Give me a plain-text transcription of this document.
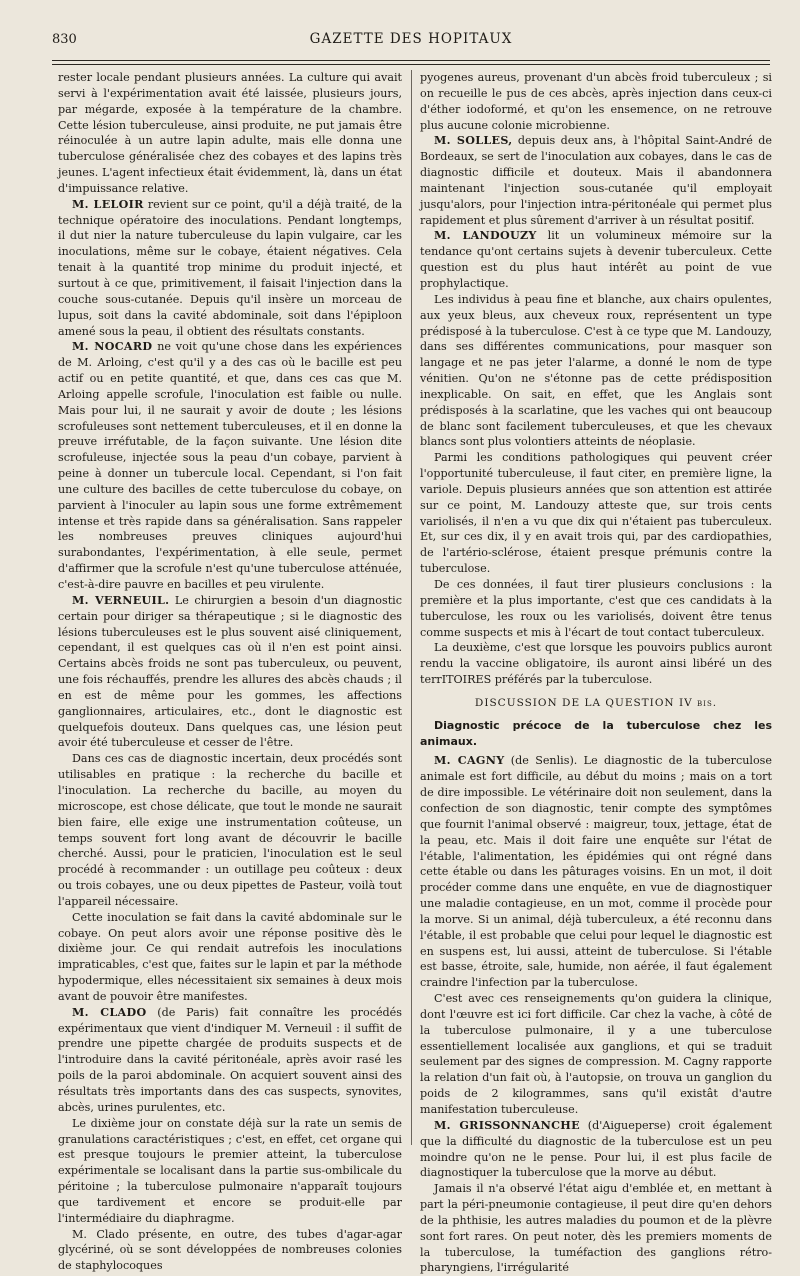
830	GAZETTE DES HOPITAUX

rester locale pendant plusieurs années. La culture qui avait servi à l'expérimentation avait été laissée, plusieurs jours, par mégarde, exposée à la température de la chambre. Cette lésion tuberculeuse, ainsi produite, ne put jamais être réinoculée à un autre lapin adulte, mais elle donna une tuberculose généralisée chez des cobayes et des lapins très jeunes. L'agent infectieux était évidemment, là, dans un état d'impuissance relative.

M. LELOIR revient sur ce point, qu'il a déjà traité, de la technique opératoire des inoculations. Pendant longtemps, il dut nier la nature tuberculeuse du lapin vulgaire, car les inoculations, même sur le cobaye, étaient négatives. Cela tenait à la quantité trop minime du produit injecté, et surtout à ce que, primitivement, il faisait l'injection dans la couche sous-cutanée. Depuis qu'il insère un morceau de lupus, soit dans la cavité abdominale, soit dans l'épiploon amené sous la peau, il obtient des résultats constants.

M. NOCARD ne voit qu'une chose dans les expériences de M. Arloing, c'est qu'il y a des cas où le bacille est peu actif ou en petite quantité, et que, dans ces cas que M. Arloing appelle scrofule, l'inoculation est faible ou nulle. Mais pour lui, il ne saurait y avoir de doute ; les lésions scrofuleuses sont nettement tuberculeuses, et il en donne la preuve irréfutable, de la façon suivante. Une lésion dite scrofuleuse, injectée sous la peau d'un cobaye, parvient à peine à donner un tubercule local. Cependant, si l'on fait une culture des bacilles de cette tuberculose du cobaye, on parvient à l'inoculer au lapin sous une forme extrêmement intense et très rapide dans sa généralisation. Sans rappeler les nombreuses preuves cliniques aujourd'hui surabondantes, l'expérimentation, à elle seule, permet d'affirmer que la scrofule n'est qu'une tuberculose atténuée, c'est-à-dire pauvre en bacilles et peu virulente.

M. VERNEUIL. Le chirurgien a besoin d'un diagnostic certain pour diriger sa thérapeutique ; si le diagnostic des lésions tuberculeuses est le plus souvent aisé cliniquement, cependant, il est quelques cas où il n'en est point ainsi. Certains abcès froids ne sont pas tuberculeux, ou peuvent, une fois réchauffés, prendre les allures des abcès chauds ; il en est de même pour les gommes, les affections ganglionnaires, articulaires, etc., dont le diagnostic est quelquefois douteux. Dans quelques cas, une lésion peut avoir été tuberculeuse et cesser de l'être.

Dans ces cas de diagnostic incertain, deux procédés sont utilisables en pratique : la recherche du bacille et l'inoculation. La recherche du bacille, au moyen du microscope, est chose délicate, que tout le monde ne saurait bien faire, elle exige une instrumentation coûteuse, un temps souvent fort long avant de découvrir le bacille cherché. Aussi, pour le praticien, l'inoculation est le seul procédé à recommander : un outillage peu coûteux : deux ou trois cobayes, une ou deux pipettes de Pasteur, voilà tout l'appareil nécessaire.

Cette inoculation se fait dans la cavité abdominale sur le cobaye. On peut alors avoir une réponse positive dès le dixième jour. Ce qui rendait autrefois les inoculations impraticables, c'est que, faites sur le lapin et par la méthode hypodermique, elles nécessitaient six semaines à deux mois avant de pouvoir être manifestes.

M. CLADO (de Paris) fait connaître les procédés expérimentaux que vient d'indiquer M. Verneuil : il suffit de prendre une pipette chargée de produits suspects et de l'introduire dans la cavité péritonéale, après avoir rasé les poils de la paroi abdominale. On acquiert souvent ainsi des résultats très importants dans des cas suspects, synovites, abcès, urines purulentes, etc.

Le dixième jour on constate déjà sur la rate un semis de granulations caractéristiques ; c'est, en effet, cet organe qui est presque toujours le premier atteint, la tuberculose expérimentale se localisant dans la partie sus-ombilicale du péritoine ; la tuberculose pulmonaire n'apparaît toujours que tardivement et encore se produit-elle par l'intermédiaire du diaphragme.

M. Clado présente, en outre, des tubes d'agar-agar glycériné, où se sont développées de nombreuses colonies de staphylocoques

pyogenes aureus, provenant d'un abcès froid tuberculeux ; si on recueille le pus de ces abcès, après injection dans ceux-ci d'éther iodoformé, et qu'on les ensemence, on ne retrouve plus aucune colonie microbienne.

M. SOLLES, depuis deux ans, à l'hôpital Saint-André de Bordeaux, se sert de l'inoculation aux cobayes, dans le cas de diagnostic difficile et douteux. Mais il abandonnera maintenant l'injection sous-cutanée qu'il employait jusqu'alors, pour l'injection intra-péritonéale qui permet plus rapidement et plus sûrement d'arriver à un résultat positif.

M. LANDOUZY lit un volumineux mémoire sur la tendance qu'ont certains sujets à devenir tuberculeux. Cette question est du plus haut intérêt au point de vue prophylactique.

Les individus à peau fine et blanche, aux chairs opulentes, aux yeux bleus, aux cheveux roux, représentent un type prédisposé à la tuberculose. C'est à ce type que M. Landouzy, dans ses différentes communications, pour masquer son langage et ne pas jeter l'alarme, a donné le nom de type vénitien. Qu'on ne s'étonne pas de cette prédisposition inexplicable. On sait, en effet, que les Anglais sont prédisposés à la scarlatine, que les vaches qui ont beaucoup de blanc sont facilement tuberculeuses, et que les chevaux blancs sont plus volontiers atteints de néoplasie.

Parmi les conditions pathologiques qui peuvent créer l'opportunité tuberculeuse, il faut citer, en première ligne, la variole. Depuis plusieurs années que son attention est attirée sur ce point, M. Landouzy atteste que, sur trois cents variolisés, il n'en a vu que dix qui n'étaient pas tuberculeux. Et, sur ces dix, il y en avait trois qui, par des cardiopathies, de l'artério-sclérose, étaient presque prémunis contre la tuberculose.

De ces données, il faut tirer plusieurs conclusions : la première et la plus importante, c'est que ces candidats à la tuberculose, les roux ou les variolisés, doivent être tenus comme suspects et mis à l'écart de tout contact tuberculeux.

La deuxième, c'est que lorsque les pouvoirs publics auront rendu la vaccine obligatoire, ils auront ainsi libéré un des terrITOIRES préférés par la tuberculose.

DISCUSSION DE LA QUESTION IV bis.
Diagnostic précoce de la tuberculose chez les animaux.

M. CAGNY (de Senlis). Le diagnostic de la tuberculose animale est fort difficile, au début du moins ; mais on a tort de dire impossible. Le vétérinaire doit non seulement, dans la confection de son diagnostic, tenir compte des symptômes que fournit l'animal observé : maigreur, toux, jettage, état de la peau, etc. Mais il doit faire une enquête sur l'état de l'étable, l'alimentation, les épidémies qui ont régné dans cette étable ou dans les pâturages voisins. En un mot, il doit procéder comme dans une enquête, en vue de diagnostiquer une maladie contagieuse, en un mot, comme il procède pour la morve. Si un animal, déjà tuberculeux, a été reconnu dans l'étable, il est probable que celui pour lequel le diagnostic est en suspens est, lui aussi, atteint de tuberculose. Si l'étable est basse, étroite, sale, humide, non aérée, il faut également craindre l'infection par la tuberculose.

C'est avec ces renseignements qu'on guidera la clinique, dont l'œuvre est ici fort difficile. Car chez la vache, à côté de la tuberculose pulmonaire, il y a une tuberculose essentiellement localisée aux ganglions, et qui se traduit seulement par des signes de compression. M. Cagny rapporte la relation d'un fait où, à l'autopsie, on trouva un ganglion du poids de 2 kilogrammes, sans qu'il existât d'autre manifestation tuberculeuse.

M. GRISSONNANCHE (d'Aigueperse) croit également que la difficulté du diagnostic de la tuberculose est un peu moindre qu'on ne le pense. Pour lui, il est plus facile de diagnostiquer la tuberculose que la morve au début.

Jamais il n'a observé l'état aigu d'emblée et, en mettant à part la péri-pneumonie contagieuse, il peut dire qu'en dehors de la phthisie, les autres maladies du poumon et de la plèvre sont fort rares. On peut noter, dès les premiers moments de la tuberculose, la tuméfaction des ganglions rétro-pharyngiens, l'irrégularité
